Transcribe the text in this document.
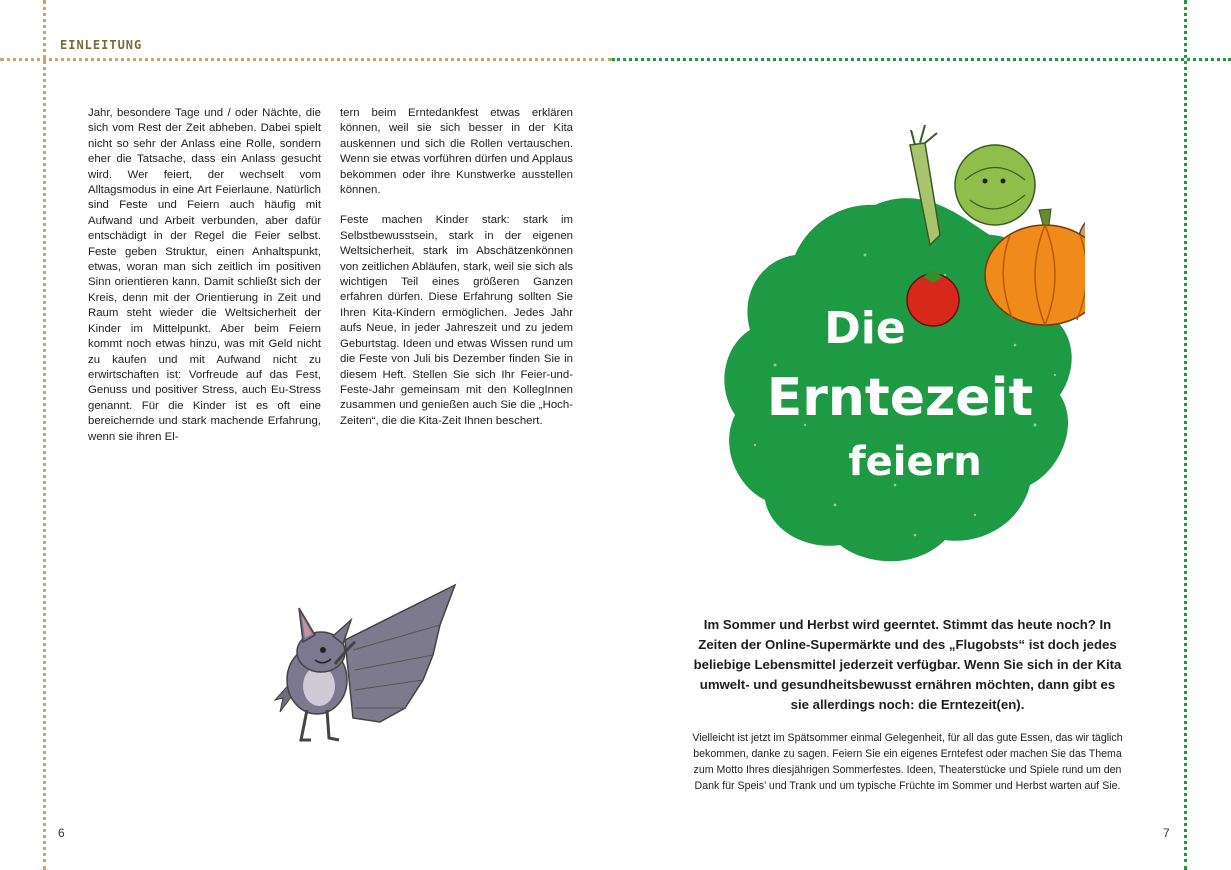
EINLEITUNG

Jahr, besondere Tage und / oder Nächte, die sich vom Rest der Zeit abheben. Dabei spielt nicht so sehr der Anlass eine Rolle, sondern eher die Tatsache, dass ein Anlass gesucht wird. Wer feiert, der wechselt vom Alltagsmodus in eine Art Feierlaune. Natürlich sind Feste und Feiern auch häufig mit Aufwand und Arbeit verbunden, aber dafür entschädigt in der Regel die Feier selbst. Feste geben Struktur, einen Anhaltspunkt, etwas, woran man sich zeitlich im positiven Sinn orientieren kann. Damit schließt sich der Kreis, denn mit der Orientierung in Zeit und Raum steht wieder die Weltsicherheit der Kinder im Mittelpunkt. Aber beim Feiern kommt noch etwas hinzu, was mit Geld nicht zu kaufen und mit Aufwand nicht zu erwirtschaften ist: Vorfreude auf das Fest, Genuss und positiver Stress, auch Eu-Stress genannt. Für die Kinder ist es oft eine bereichernde und stark machende Erfahrung, wenn sie ihren El-

tern beim Erntedankfest etwas erklären können, weil sie sich besser in der Kita auskennen und sich die Rollen vertauschen. Wenn sie etwas vorführen dürfen und Applaus bekommen oder ihre Kunstwerke ausstellen können.

Feste machen Kinder stark: stark im Selbstbewusstsein, stark in der eigenen Weltsicherheit, stark im Abschätzenkönnen von zeitlichen Abläufen, stark, weil sie sich als wichtigen Teil eines größeren Ganzen erfahren dürfen. Diese Erfahrung sollten Sie Ihren Kita-Kindern ermöglichen. Jedes Jahr aufs Neue, in jeder Jahreszeit und zu jedem Geburtstag. Ideen und etwas Wissen rund um die Feste von Juli bis Dezember finden Sie in diesem Heft. Stellen Sie sich Ihr Feier-und-Feste-Jahr gemeinsam mit den KollegInnen zusammen und genießen auch Sie die „Hoch-Zeiten“, die die Kita-Zeit Ihnen beschert.

6
Die
Erntezeit
feiern
Im Sommer und Herbst wird geerntet. Stimmt das heute noch? In Zeiten der Online-Supermärkte und des „Flugobsts“ ist doch jedes beliebige Lebensmittel jederzeit verfügbar. Wenn Sie sich in der Kita umwelt- und gesundheitsbewusst ernähren möchten, dann gibt es sie allerdings noch: die Erntezeit(en).
Vielleicht ist jetzt im Spätsommer einmal Gelegenheit, für all das gute Essen, das wir täglich bekommen, danke zu sagen. Feiern Sie ein eigenes Erntefest oder machen Sie das Thema zum Motto Ihres diesjährigen Sommerfestes. Ideen, Theaterstücke und Spiele rund um den Dank für Speis’ und Trank und um typische Früchte im Sommer und Herbst warten auf Sie.
7
